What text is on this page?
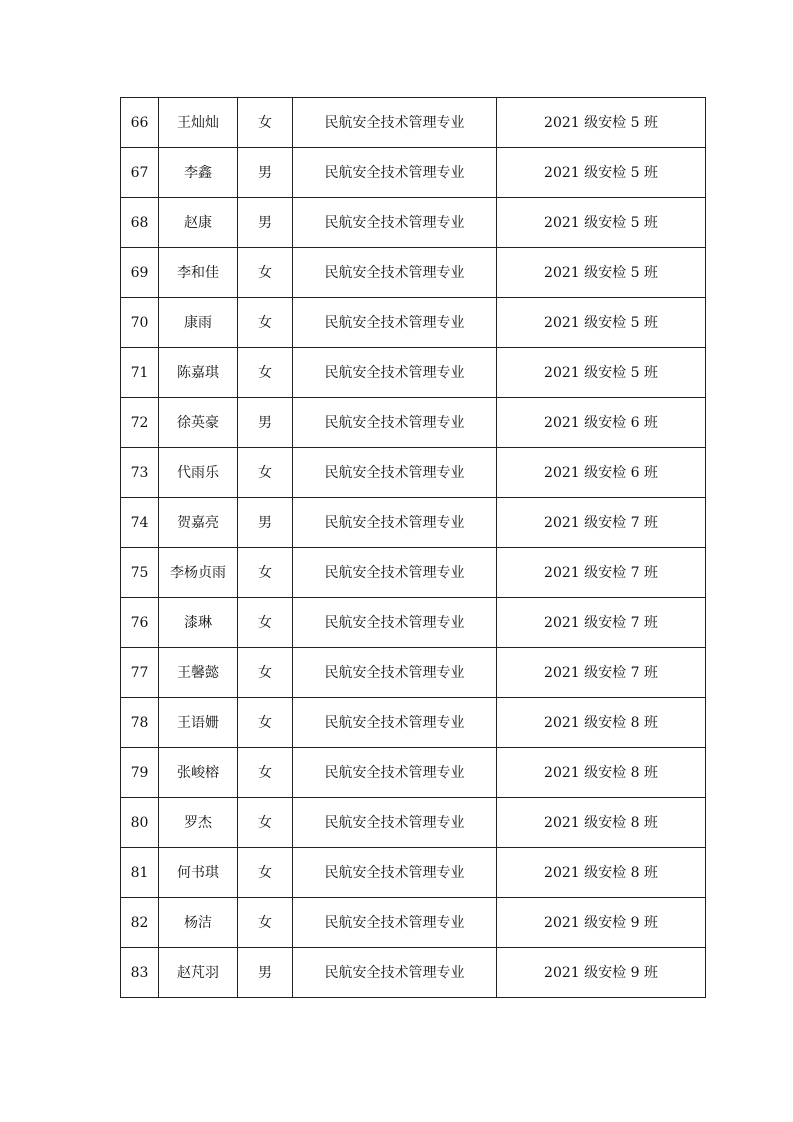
66	王灿灿	女	民航安全技术管理专业	2021 级安检 5 班
67	李鑫	男	民航安全技术管理专业	2021 级安检 5 班
68	赵康	男	民航安全技术管理专业	2021 级安检 5 班
69	李和佳	女	民航安全技术管理专业	2021 级安检 5 班
70	康雨	女	民航安全技术管理专业	2021 级安检 5 班
71	陈嘉琪	女	民航安全技术管理专业	2021 级安检 5 班
72	徐英豪	男	民航安全技术管理专业	2021 级安检 6 班
73	代雨乐	女	民航安全技术管理专业	2021 级安检 6 班
74	贺嘉亮	男	民航安全技术管理专业	2021 级安检 7 班
75	李杨贞雨	女	民航安全技术管理专业	2021 级安检 7 班
76	漆琳	女	民航安全技术管理专业	2021 级安检 7 班
77	王馨懿	女	民航安全技术管理专业	2021 级安检 7 班
78	王语姗	女	民航安全技术管理专业	2021 级安检 8 班
79	张峻榕	女	民航安全技术管理专业	2021 级安检 8 班
80	罗杰	女	民航安全技术管理专业	2021 级安检 8 班
81	何书琪	女	民航安全技术管理专业	2021 级安检 8 班
82	杨洁	女	民航安全技术管理专业	2021 级安检 9 班
83	赵芃羽	男	民航安全技术管理专业	2021 级安检 9 班
